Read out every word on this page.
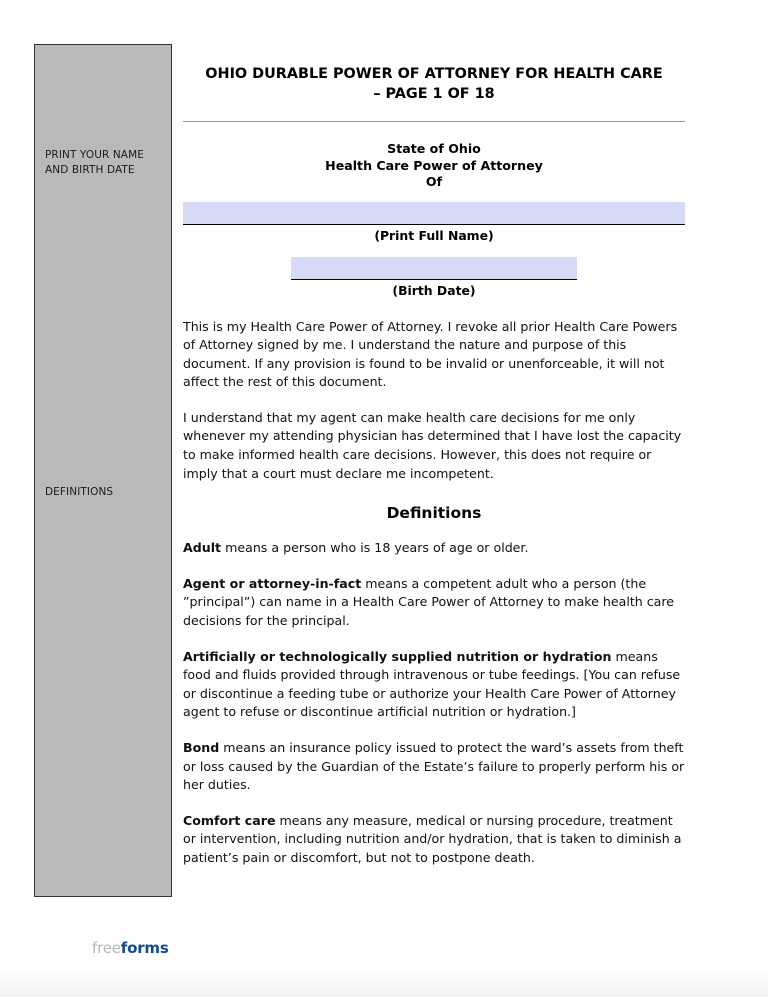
PRINT YOUR NAME AND BIRTH DATE
DEFINITIONS
OHIO DURABLE POWER OF ATTORNEY FOR HEALTH CARE
– PAGE 1 OF 18
State of Ohio
Health Care Power of Attorney
Of
(Print Full Name)
(Birth Date)

This is my Health Care Power of Attorney. I revoke all prior Health Care Powers of Attorney signed by me. I understand the nature and purpose of this document. If any provision is found to be invalid or unenforceable, it will not affect the rest of this document.

I understand that my agent can make health care decisions for me only whenever my attending physician has determined that I have lost the capacity to make informed health care decisions. However, this does not require or imply that a court must declare me incompetent.

Definitions

Adult means a person who is 18 years of age or older.

Agent or attorney-in-fact means a competent adult who a person (the ”principal”) can name in a Health Care Power of Attorney to make health care decisions for the principal.

Artificially or technologically supplied nutrition or hydration means food and fluids provided through intravenous or tube feedings. [You can refuse or discontinue a feeding tube or authorize your Health Care Power of Attorney agent to refuse or discontinue artificial nutrition or hydration.]

Bond means an insurance policy issued to protect the ward’s assets from theft or loss caused by the Guardian of the Estate’s failure to properly perform his or her duties.

Comfort care means any measure, medical or nursing procedure, treatment or intervention, including nutrition and/or hydration, that is taken to diminish a patient’s pain or discomfort, but not to postpone death.

freeforms
